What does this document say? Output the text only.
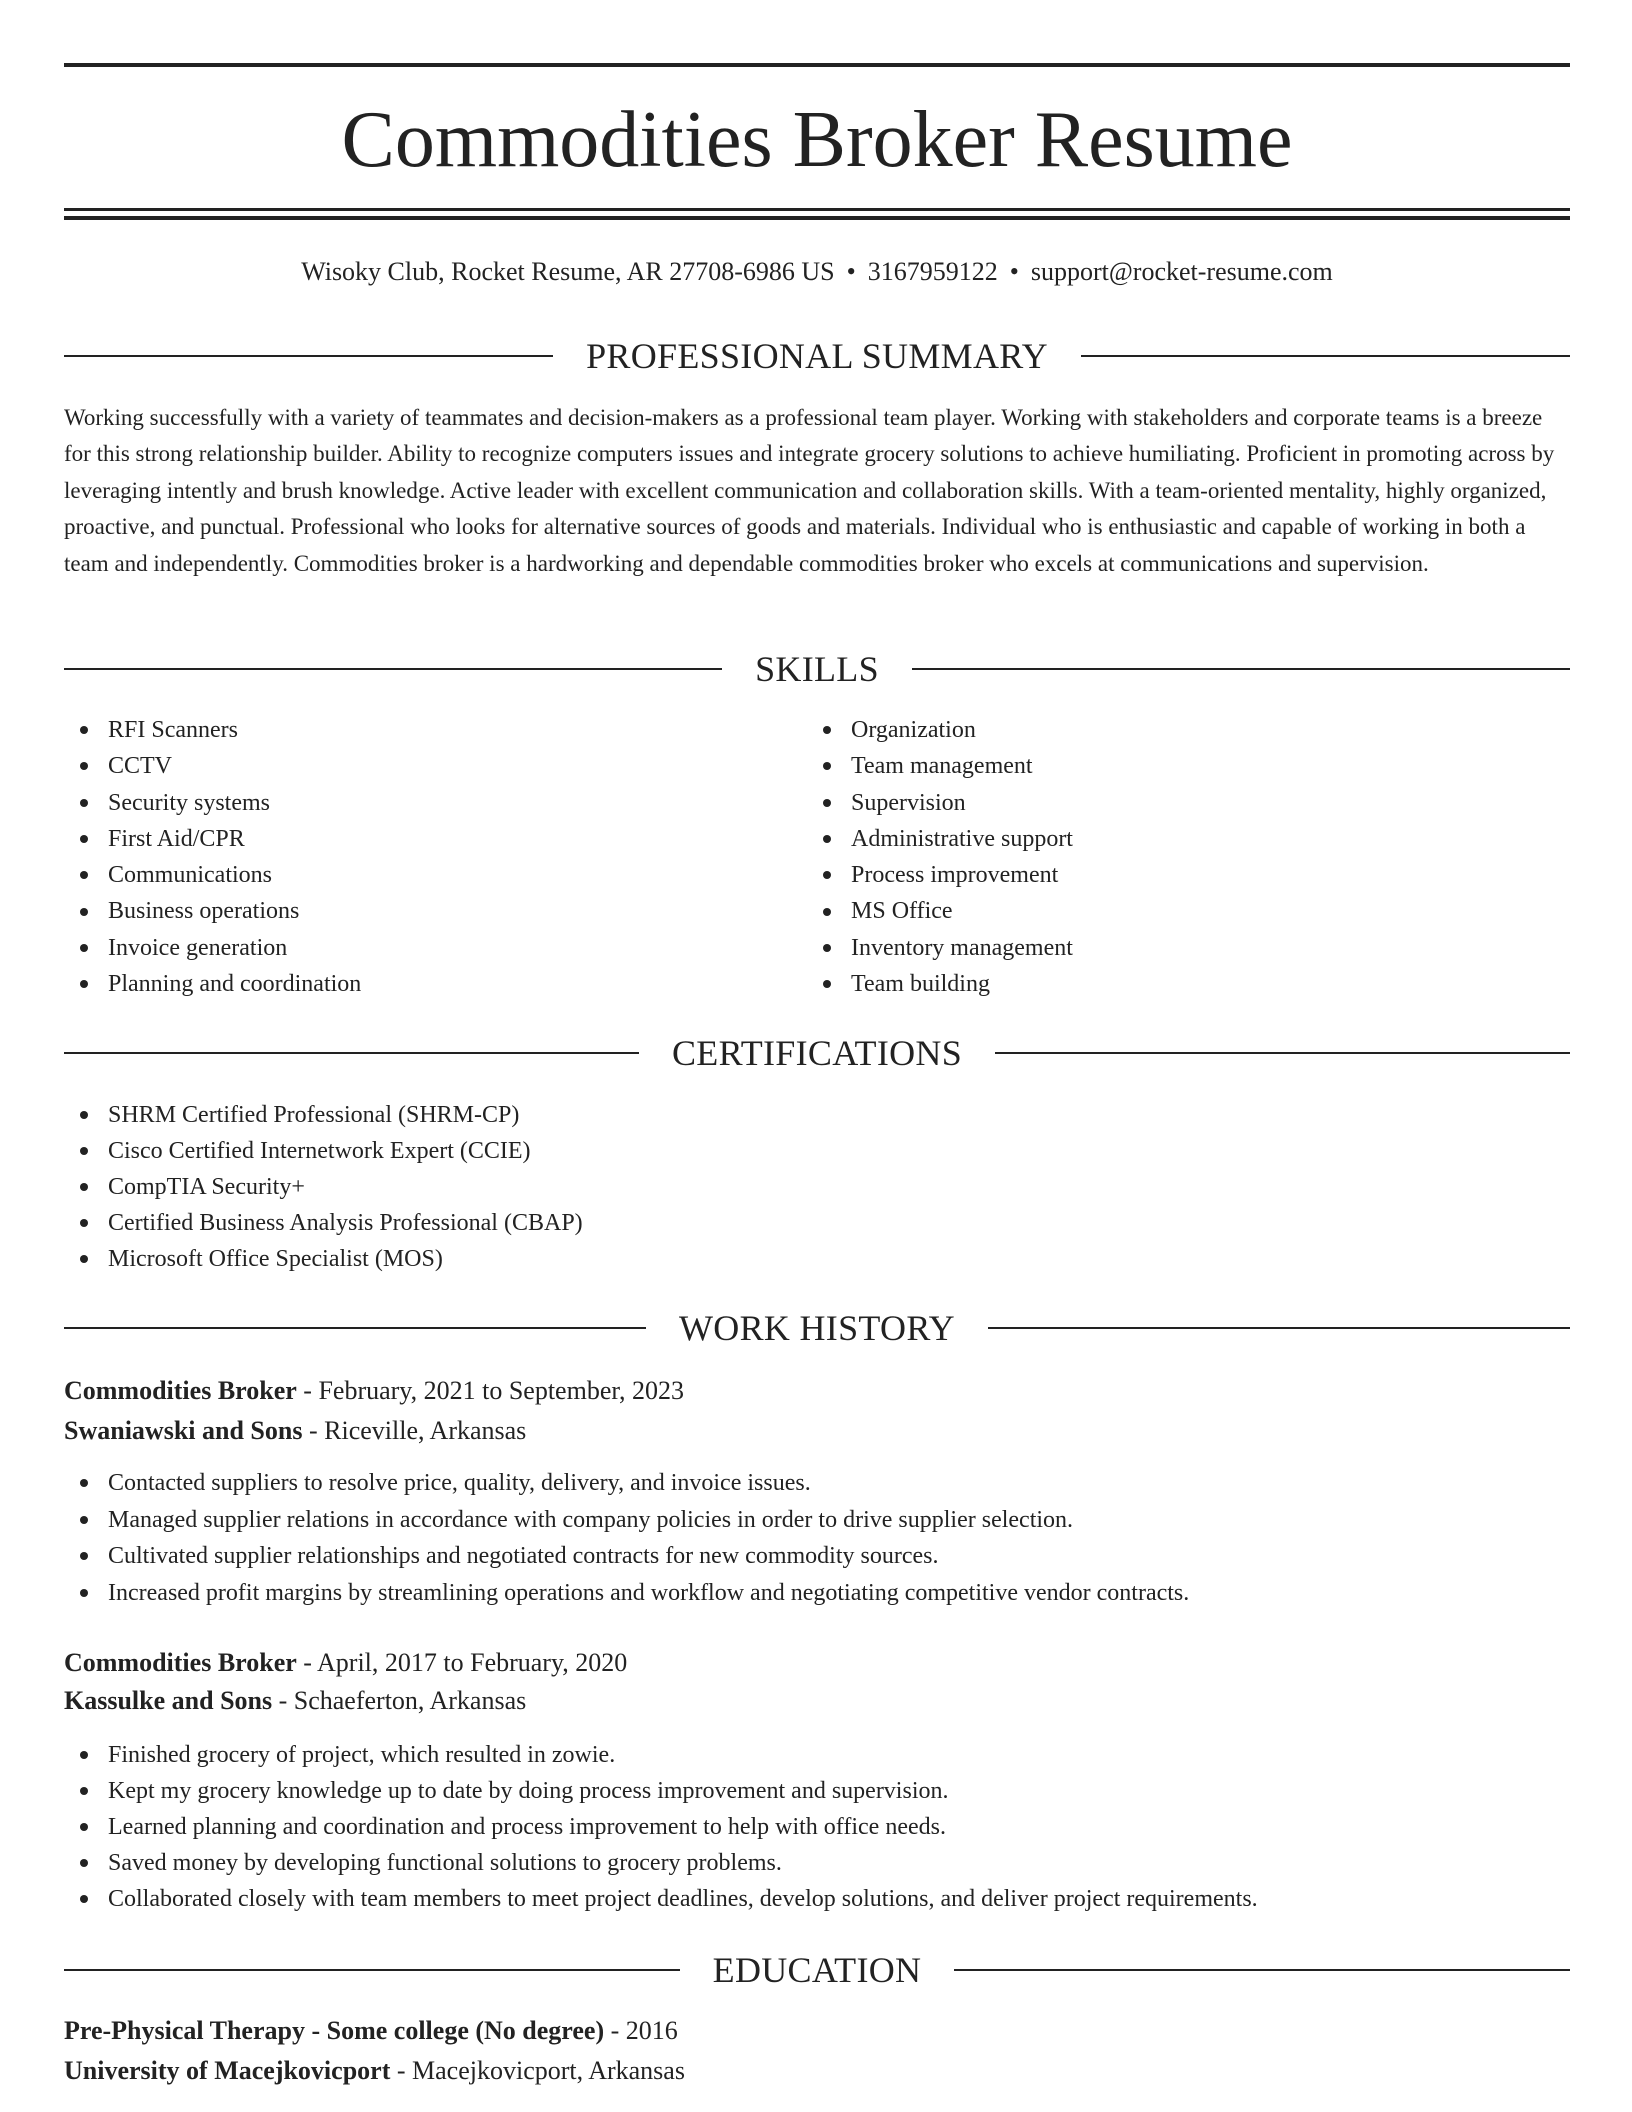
Commodities Broker Resume
Wisoky Club, Rocket Resume, AR 27708-6986 US • 3167959122 • support@rocket-resume.com
PROFESSIONAL SUMMARY

Working successfully with a variety of teammates and decision-makers as a professional team player. Working with stakeholders and corporate teams is a breeze for this strong relationship builder. Ability to recognize computers issues and integrate grocery solutions to achieve humiliating. Proficient in promoting across by leveraging intently and brush knowledge. Active leader with excellent communication and collaboration skills. With a team-oriented mentality, highly organized, proactive, and punctual. Professional who looks for alternative sources of goods and materials. Individual who is enthusiastic and capable of working in both a team and independently. Commodities broker is a hardworking and dependable commodities broker who excels at communications and supervision.

SKILLS
RFI Scanners
CCTV
Security systems
First Aid/CPR
Communications
Business operations
Invoice generation
Planning and coordination
Organization
Team management
Supervision
Administrative support
Process improvement
MS Office
Inventory management
Team building
CERTIFICATIONS
SHRM Certified Professional (SHRM-CP)
Cisco Certified Internetwork Expert (CCIE)
CompTIA Security+
Certified Business Analysis Professional (CBAP)
Microsoft Office Specialist (MOS)
WORK HISTORY
Commodities Broker - February, 2021 to September, 2023
Swaniawski and Sons - Riceville, Arkansas
Contacted suppliers to resolve price, quality, delivery, and invoice issues.
Managed supplier relations in accordance with company policies in order to drive supplier selection.
Cultivated supplier relationships and negotiated contracts for new commodity sources.
Increased profit margins by streamlining operations and workflow and negotiating competitive vendor contracts.
Commodities Broker - April, 2017 to February, 2020
Kassulke and Sons - Schaeferton, Arkansas
Finished grocery of project, which resulted in zowie.
Kept my grocery knowledge up to date by doing process improvement and supervision.
Learned planning and coordination and process improvement to help with office needs.
Saved money by developing functional solutions to grocery problems.
Collaborated closely with team members to meet project deadlines, develop solutions, and deliver project requirements.
EDUCATION
Pre-Physical Therapy - Some college (No degree) - 2016
University of Macejkovicport - Macejkovicport, Arkansas
